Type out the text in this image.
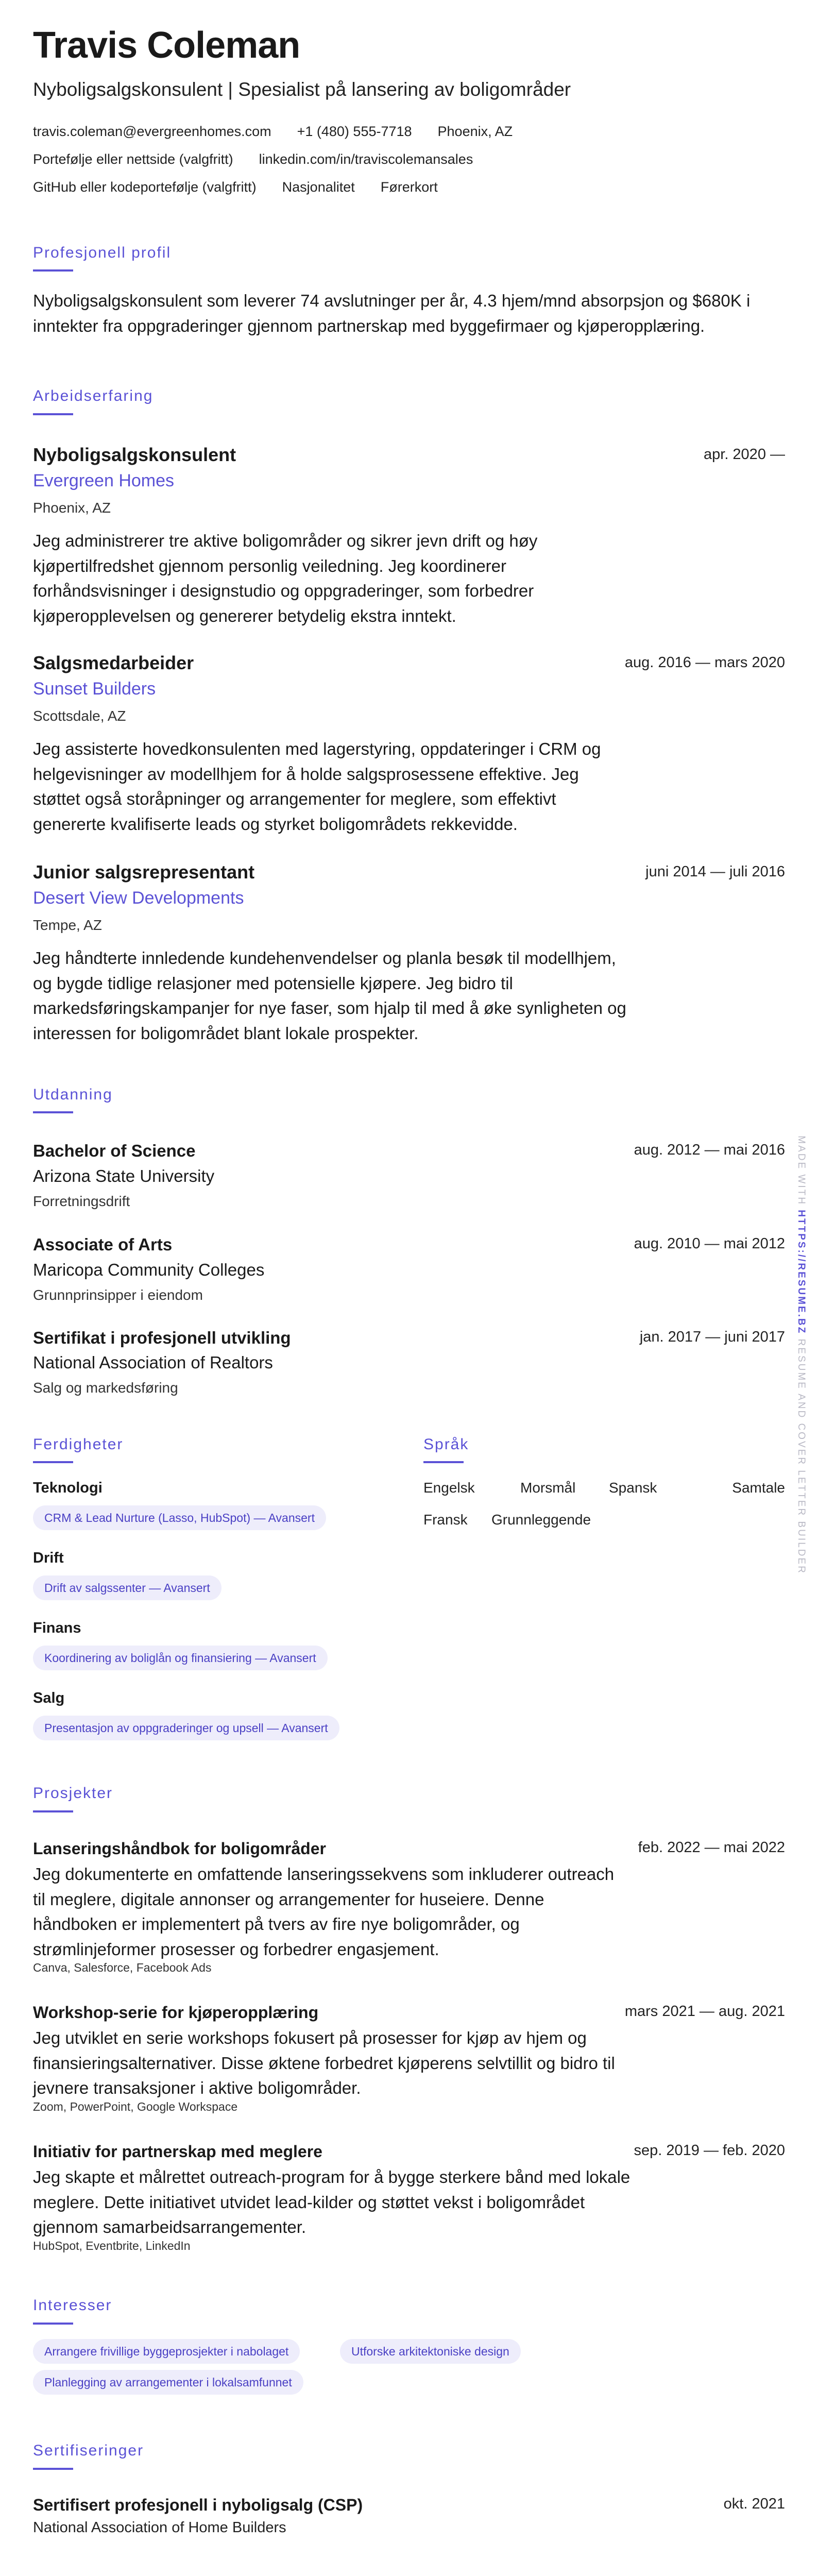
Travis Coleman
Nyboligsalgskonsulent | Spesialist på lansering av boligområder
travis.coleman@evergreenhomes.com +1 (480) 555-7718 Phoenix, AZ
Portefølje eller nettside (valgfritt) linkedin.com/in/traviscolemansales
GitHub eller kodeportefølje (valgfritt) Nasjonalitet Førerkort
Profesjonell profil
Nyboligsalgskonsulent som leverer 74 avslutninger per år, 4.3 hjem/mnd absorpsjon og $680K i inntekter fra oppgraderinger gjennom partnerskap med byggefirmaer og kjøperopplæring.
Arbeidserfaring
Nyboligsalgskonsulent	apr. 2020 —
Evergreen Homes
Phoenix, AZ
Jeg administrerer tre aktive boligområder og sikrer jevn drift og høy kjøpertilfredshet gjennom personlig veiledning. Jeg koordinerer forhåndsvisninger i designstudio og oppgraderinger, som forbedrer kjøperopplevelsen og genererer betydelig ekstra inntekt.
Salgsmedarbeider	aug. 2016 — mars 2020
Sunset Builders
Scottsdale, AZ
Jeg assisterte hovedkonsulenten med lagerstyring, oppdateringer i CRM og helgevisninger av modellhjem for å holde salgsprosessene effektive. Jeg støttet også storåpninger og arrangementer for meglere, som effektivt genererte kvalifiserte leads og styrket boligområdets rekkevidde.
Junior salgsrepresentant	juni 2014 — juli 2016
Desert View Developments
Tempe, AZ
Jeg håndterte innledende kundehenvendelser og planla besøk til modellhjem, og bygde tidlige relasjoner med potensielle kjøpere. Jeg bidro til markedsføringskampanjer for nye faser, som hjalp til med å øke synligheten og interessen for boligområdet blant lokale prospekter.
Utdanning
Bachelor of Science	aug. 2012 — mai 2016
Arizona State University
Forretningsdrift
Associate of Arts	aug. 2010 — mai 2012
Maricopa Community Colleges
Grunnprinsipper i eiendom
Sertifikat i profesjonell utvikling	jan. 2017 — juni 2017
National Association of Realtors
Salg og markedsføring
Ferdigheter
Teknologi
CRM & Lead Nurture (Lasso, HubSpot) — Avansert
Drift
Drift av salgssenter — Avansert
Finans
Koordinering av boliglån og finansiering — Avansert
Salg
Presentasjon av oppgraderinger og upsell — Avansert
Språk
Engelsk	Morsmål Spansk	Samtale
Fransk Grunnleggende
Prosjekter
Lanseringshåndbok for boligområder	feb. 2022 — mai 2022
Jeg dokumenterte en omfattende lanseringssekvens som inkluderer outreach til meglere, digitale annonser og arrangementer for huseiere. Denne håndboken er implementert på tvers av fire nye boligområder, og strømlinjeformer prosesser og forbedrer engasjement.
Canva, Salesforce, Facebook Ads
Workshop-serie for kjøperopplæring	mars 2021 — aug. 2021
Jeg utviklet en serie workshops fokusert på prosesser for kjøp av hjem og finansieringsalternativer. Disse øktene forbedret kjøperens selvtillit og bidro til jevnere transaksjoner i aktive boligområder.
Zoom, PowerPoint, Google Workspace
Initiativ for partnerskap med meglere	sep. 2019 — feb. 2020
Jeg skapte et målrettet outreach-program for å bygge sterkere bånd med lokale meglere. Dette initiativet utvidet lead-kilder og støttet vekst i boligområdet gjennom samarbeidsarrangementer.
HubSpot, Eventbrite, LinkedIn
Interesser
Arrangere frivillige byggeprosjekter i nabolaget	Utforske arkitektoniske design
Planlegging av arrangementer i lokalsamfunnet
Sertifiseringer
Sertifisert profesjonell i nyboligsalg (CSP)	okt. 2021
National Association of Home Builders
MADE WITH HTTPS://RESUME.BZ RESUME AND COVER LETTER BUILDER
